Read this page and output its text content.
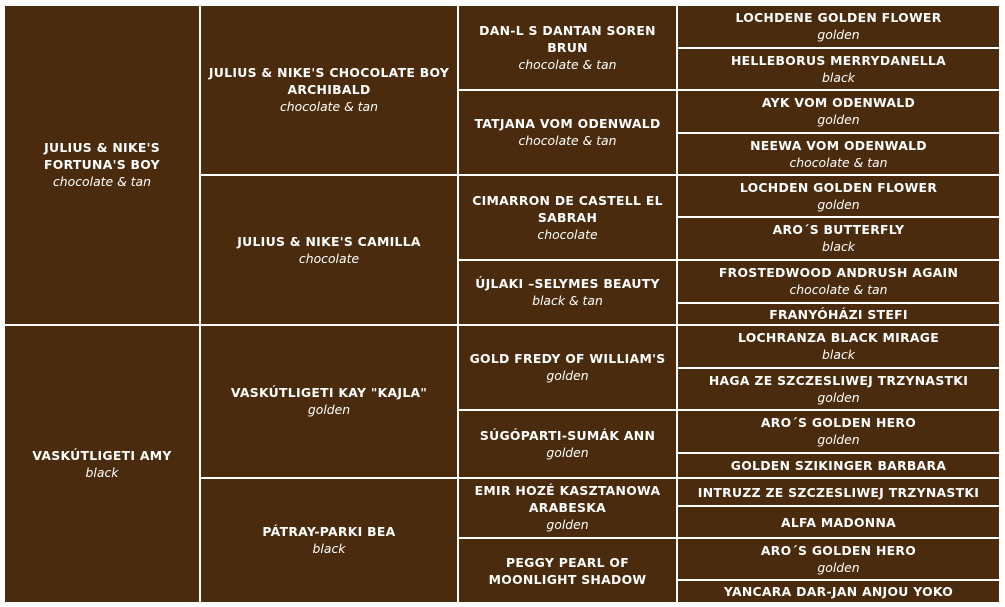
JULIUS & NIKE'S FORTUNA'S BOY
chocolate & tan
VASKÚTLIGETI AMY
black
JULIUS & NIKE'S CHOCOLATE BOY ARCHIBALD
chocolate & tan
JULIUS & NIKE'S CAMILLA
chocolate
VASKÚTLIGETI KAY "KAJLA"
golden
PÁTRAY-PARKI BEA
black
DAN-L S DANTAN SOREN BRUN
chocolate & tan
TATJANA VOM ODENWALD
chocolate & tan
CIMARRON DE CASTELL EL SABRAH
chocolate
ÚJLAKI –SELYMES BEAUTY
black & tan
GOLD FREDY OF WILLIAM'S
golden
SÚGÓPARTI-SUMÁK ANN
golden
EMIR HOZÉ KASZTANOWA ARABESKA
golden
PEGGY PEARL OF MOONLIGHT SHADOW
LOCHDENE GOLDEN FLOWER
golden
HELLEBORUS MERRYDANELLA
black
AYK VOM ODENWALD
golden
NEEWA VOM ODENWALD
chocolate & tan
LOCHDEN GOLDEN FLOWER
golden
ARO´S BUTTERFLY
black
FROSTEDWOOD ANDRUSH AGAIN
chocolate & tan
FRANYÓHÁZI STEFI
LOCHRANZA BLACK MIRAGE
black
HAGA ZE SZCZESLIWEJ TRZYNASTKI
golden
ARO´S GOLDEN HERO
golden
GOLDEN SZIKINGER BARBARA
INTRUZZ ZE SZCZESLIWEJ TRZYNASTKI
ALFA MADONNA
ARO´S GOLDEN HERO
golden
YANCARA DAR-JAN ANJOU YOKO
